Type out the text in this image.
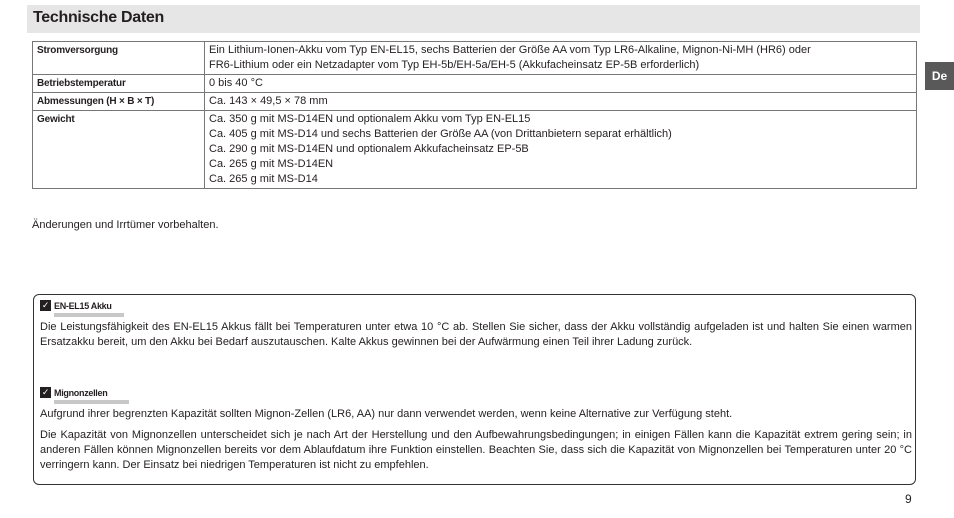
Technische Daten
De
Stromversorgung	Ein Lithium-Ionen-Akku vom Typ EN-EL15, sechs Batterien der Größe AA vom Typ LR6-Alkaline, Mignon-Ni-MH (HR6) oder
FR6-Lithium oder ein Netzadapter vom Typ EH-5b/EH-5a/EH-5 (Akkufacheinsatz EP-5B erforderlich)

Betriebstemperatur	0 bis 40 °C

Abmessungen (H × B × T)	Ca. 143 × 49,5 × 78 mm

Gewicht	Ca. 350 g mit MS-D14EN und optionalem Akku vom Typ EN-EL15
Ca. 405 g mit MS-D14 und sechs Batterien der Größe AA (von Drittanbietern separat erhältlich)
Ca. 290 g mit MS-D14EN und optionalem Akkufacheinsatz EP-5B
Ca. 265 g mit MS-D14EN
Ca. 265 g mit MS-D14
Änderungen und Irrtümer vorbehalten.
✓ EN-EL15 Akku
Die Leistungsfähigkeit des EN-EL15 Akkus fällt bei Temperaturen unter etwa 10 °C ab. Stellen Sie sicher, dass der Akku vollständig aufgeladen ist und halten Sie einen warmen Ersatzakku bereit, um den Akku bei Bedarf auszutauschen. Kalte Akkus gewinnen bei der Aufwärmung einen Teil ihrer Ladung zurück.
✓ Mignonzellen
Aufgrund ihrer begrenzten Kapazität sollten Mignon-Zellen (LR6, AA) nur dann verwendet werden, wenn keine Alternative zur Verfügung steht.
Die Kapazität von Mignonzellen unterscheidet sich je nach Art der Herstellung und den Aufbewahrungsbedingungen; in einigen Fällen kann die Kapazität extrem gering sein; in anderen Fällen können Mignonzellen bereits vor dem Ablaufdatum ihre Funktion einstellen. Beachten Sie, dass sich die Kapazität von Mignonzellen bei Temperaturen unter 20 °C verringern kann. Der Einsatz bei niedrigen Temperaturen ist nicht zu empfehlen.
9
